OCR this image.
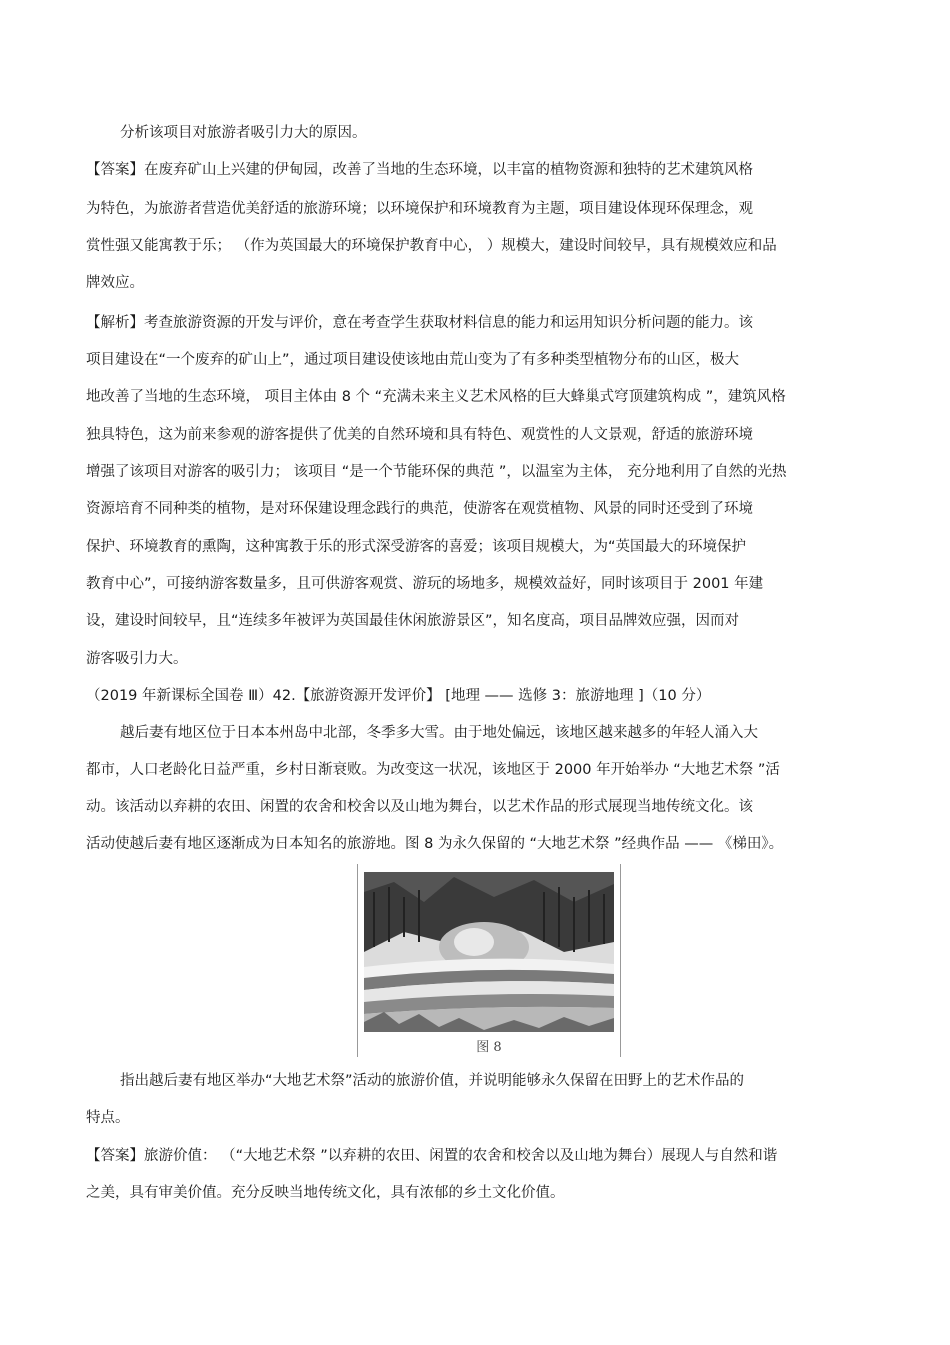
分析该项目对旅游者吸引力大的原因。
【答案】在废弃矿山上兴建的伊甸园，改善了当地的生态环境，以丰富的植物资源和独特的艺术建筑风格
为特色，为旅游者营造优美舒适的旅游环境；以环境保护和环境教育为主题，项目建设体现环保理念，观
赏性强又能寓教于乐； （作为英国最大的环境保护教育中心， ）规模大，建设时间较早，具有规模效应和品
牌效应。
【解析】考查旅游资源的开发与评价，意在考查学生获取材料信息的能力和运用知识分析问题的能力。该
项目建设在“一个废弃的矿山上”，通过项目建设使该地由荒山变为了有多种类型植物分布的山区，极大
地改善了当地的生态环境， 项目主体由 8 个 “充满未来主义艺术风格的巨大蜂巢式穹顶建筑构成 ”，建筑风格
独具特色，这为前来参观的游客提供了优美的自然环境和具有特色、观赏性的人文景观，舒适的旅游环境
增强了该项目对游客的吸引力； 该项目 “是一个节能环保的典范 ”，以温室为主体， 充分地利用了自然的光热
资源培育不同种类的植物，是对环保建设理念践行的典范，使游客在观赏植物、风景的同时还受到了环境
保护、环境教育的熏陶，这种寓教于乐的形式深受游客的喜爱；该项目规模大，为“英国最大的环境保护
教育中心”，可接纳游客数量多，且可供游客观赏、游玩的场地多，规模效益好，同时该项目于 2001 年建
设，建设时间较早，且“连续多年被评为英国最佳休闲旅游景区”，知名度高，项目品牌效应强，因而对
游客吸引力大。
（2019 年新课标全国卷 Ⅲ）42.【旅游资源开发评价】 [地理 —— 选修 3：旅游地理 ]（10 分）
越后妻有地区位于日本本州岛中北部，冬季多大雪。由于地处偏远，该地区越来越多的年轻人涌入大
都市，人口老龄化日益严重，乡村日渐衰败。为改变这一状况，该地区于 2000 年开始举办 “大地艺术祭 ”活
动。该活动以弃耕的农田、闲置的农舍和校舍以及山地为舞台，以艺术作品的形式展现当地传统文化。该
活动使越后妻有地区逐渐成为日本知名的旅游地。图 8 为永久保留的 “大地艺术祭 ”经典作品 —— 《梯田》。
图 8
指出越后妻有地区举办“大地艺术祭”活动的旅游价值，并说明能够永久保留在田野上的艺术作品的
特点。
【答案】旅游价值： （“大地艺术祭 ”以弃耕的农田、闲置的农舍和校舍以及山地为舞台）展现人与自然和谐
之美，具有审美价值。充分反映当地传统文化，具有浓郁的乡土文化价值。
